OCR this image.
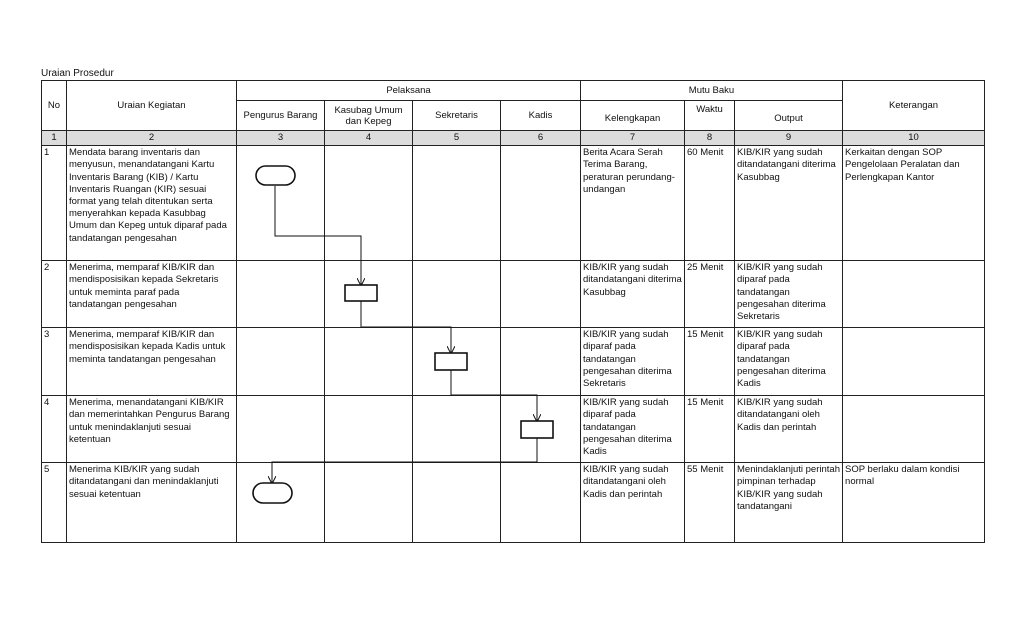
Uraian Prosedur
No	Uraian Kegiatan	Pelaksana				Mutu Baku			Keterangan
		Pengurus Barang	Kasubag Umum dan Kepeg	Sekretaris	Kadis	Kelengkapan	Waktu	Output	
1	2	3	4	5	6	7	8	9	10
1	Mendata barang inventaris dan menyusun, menandatangani Kartu Inventaris Barang (KIB) / Kartu Inventaris Ruangan (KIR) sesuai format yang telah ditentukan serta menyerahkan kepada Kasubbag Umum dan Kepeg untuk diparaf pada tandatangan pengesahan					Berita Acara Serah Terima Barang, peraturan perundang-undangan	60 Menit	KIB/KIR yang sudah ditandatangani diterima Kasubbag	Kerkaitan dengan SOP Pengelolaan Peralatan dan Perlengkapan Kantor
2	Menerima, memparaf KIB/KIR dan mendisposisikan kepada Sekretaris untuk meminta paraf pada tandatangan pengesahan					KIB/KIR yang sudah ditandatangani diterima Kasubbag	25 Menit	KIB/KIR yang sudah diparaf pada tandatangan pengesahan diterima Sekretaris	
3	Menerima, memparaf KIB/KIR dan mendisposisikan kepada Kadis untuk meminta tandatangan pengesahan					KIB/KIR yang sudah diparaf pada tandatangan pengesahan diterima Sekretaris	15 Menit	KIB/KIR yang sudah diparaf pada tandatangan pengesahan diterima Kadis	
4	Menerima, menandatangani KIB/KIR dan memerintahkan Pengurus Barang untuk menindaklanjuti sesuai ketentuan					KIB/KIR yang sudah diparaf pada tandatangan pengesahan diterima Kadis	15 Menit	KIB/KIR yang sudah ditandatangani oleh Kadis dan perintah	
5	Menerima KIB/KIR yang sudah ditandatangani dan menindaklanjuti sesuai ketentuan					KIB/KIR yang sudah ditandatangani oleh Kadis dan perintah	55 Menit	Menindaklanjuti perintah pimpinan terhadap KIB/KIR yang sudah tandatangani	SOP berlaku dalam kondisi normal
